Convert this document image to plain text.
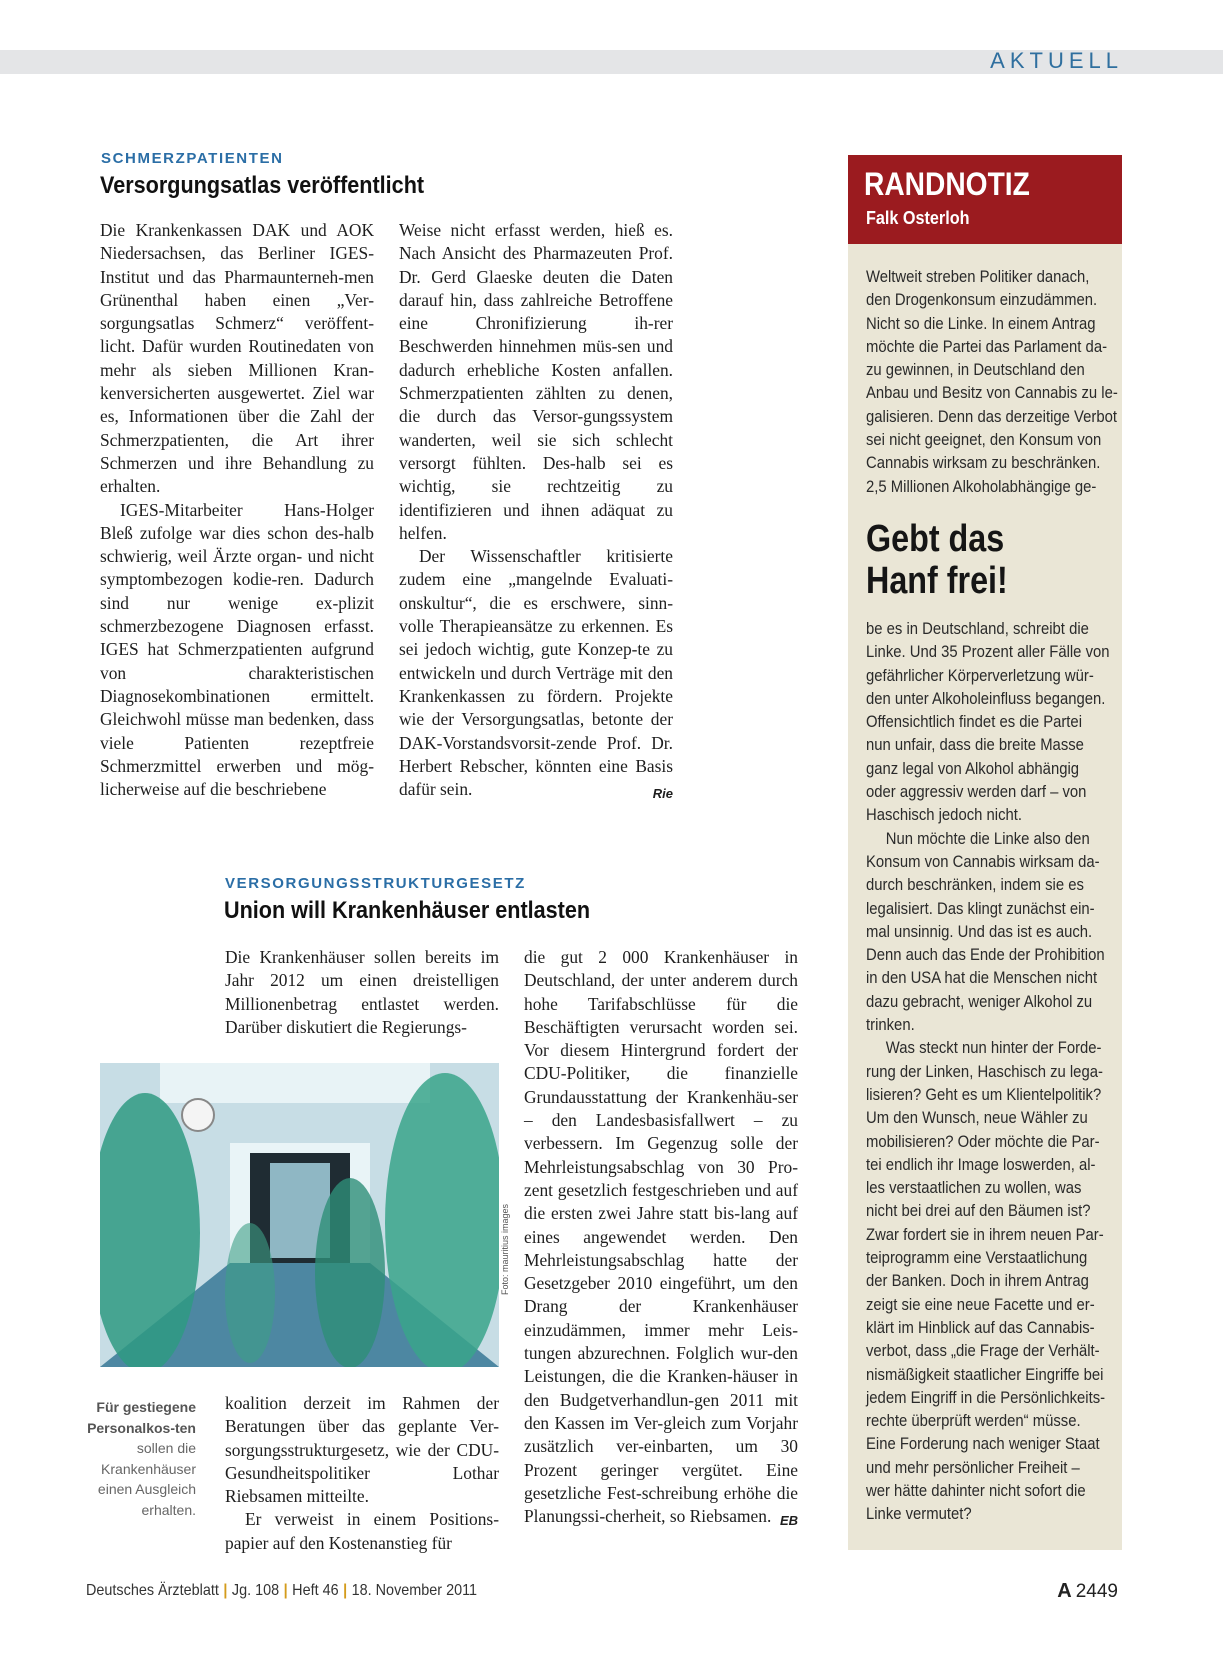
AKTUELL
SCHMERZPATIENTEN
Versorgungsatlas veröffentlicht

Die Krankenkassen DAK und AOK Niedersachsen, das Berliner IGES-Institut und das Pharmaunterneh-men Grünenthal haben einen „Ver-sorgungsatlas Schmerz“ veröffent-licht. Dafür wurden Routinedaten von mehr als sieben Millionen Kran-kenversicherten ausgewertet. Ziel war es, Informationen über die Zahl der Schmerzpatienten, die Art ihrer Schmerzen und ihre Behandlung zu erhalten.

IGES-Mitarbeiter Hans-Holger Bleß zufolge war dies schon des-halb schwierig, weil Ärzte organ- und nicht symptombezogen kodie-ren. Dadurch sind nur wenige ex-plizit schmerzbezogene Diagnosen erfasst. IGES hat Schmerzpatienten aufgrund von charakteristischen Diagnosekombinationen ermittelt. Gleichwohl müsse man bedenken, dass viele Patienten rezeptfreie Schmerzmittel erwerben und mög-licherweise auf die beschriebene

Weise nicht erfasst werden, hieß es. Nach Ansicht des Pharmazeuten Prof. Dr. Gerd Glaeske deuten die Daten darauf hin, dass zahlreiche Betroffene eine Chronifizierung ih-rer Beschwerden hinnehmen müs-sen und dadurch erhebliche Kosten anfallen. Schmerzpatienten zählten zu denen, die durch das Versor-gungssystem wanderten, weil sie sich schlecht versorgt fühlten. Des-halb sei es wichtig, sie rechtzeitig zu identifizieren und ihnen adäquat zu helfen.

Der Wissenschaftler kritisierte zudem eine „mangelnde Evaluati-onskultur“, die es erschwere, sinn-volle Therapieansätze zu erkennen. Es sei jedoch wichtig, gute Konzep-te zu entwickeln und durch Verträge mit den Krankenkassen zu fördern. Projekte wie der Versorgungsatlas, betonte der DAK-Vorstandsvorsit-zende Prof. Dr. Herbert Rebscher, könnten eine Basis dafür sein.	Rie

VERSORGUNGSSTRUKTURGESETZ
Union will Krankenhäuser entlasten

Die Krankenhäuser sollen bereits im Jahr 2012 um einen dreistelligen Millionenbetrag entlastet werden. Darüber diskutiert die Regierungs-

Foto: mauritius images
Für gestiegene Personalkos-ten sollen die Krankenhäuser einen Ausgleich erhalten.

koalition derzeit im Rahmen der Beratungen über das geplante Ver-sorgungsstrukturgesetz, wie der CDU-Gesundheitspolitiker Lothar Riebsamen mitteilte.

Er verweist in einem Positions-papier auf den Kostenanstieg für

die gut 2 000 Krankenhäuser in Deutschland, der unter anderem durch hohe Tarifabschlüsse für die Beschäftigten verursacht worden sei. Vor diesem Hintergrund fordert der CDU-Politiker, die finanzielle Grundausstattung der Krankenhäu-ser – den Landesbasisfallwert – zu verbessern. Im Gegenzug solle der Mehrleistungsabschlag von 30 Pro-zent gesetzlich festgeschrieben und auf die ersten zwei Jahre statt bis-lang auf eines angewendet werden. Den Mehrleistungsabschlag hatte der Gesetzgeber 2010 eingeführt, um den Drang der Krankenhäuser einzudämmen, immer mehr Leis-tungen abzurechnen. Folglich wur-den Leistungen, die die Kranken-häuser in den Budgetverhandlun-gen 2011 mit den Kassen im Ver-gleich zum Vorjahr zusätzlich ver-einbarten, um 30 Prozent geringer vergütet. Eine gesetzliche Fest-schreibung erhöhe die Planungssi-cherheit, so Riebsamen. EB

RANDNOTIZ
Falk Osterloh
Weltweit streben Politiker danach,
den Drogenkonsum einzudämmen.
Nicht so die Linke. In einem Antrag
möchte die Partei das Parlament da-
zu gewinnen, in Deutschland den
Anbau und Besitz von Cannabis zu le-
galisieren. Denn das derzeitige Verbot
sei nicht geeignet, den Konsum von
Cannabis wirksam zu beschränken.
2,5 Millionen Alkoholabhängige ge-
Gebt das
Hanf frei!

be es in Deutschland, schreibt die
Linke. Und 35 Prozent aller Fälle von
gefährlicher Körperverletzung wür-
den unter Alkoholeinfluss begangen.
Offensichtlich findet es die Partei
nun unfair, dass die breite Masse
ganz legal von Alkohol abhängig
oder aggressiv werden darf – von
Haschisch jedoch nicht.

Nun möchte die Linke also den
Konsum von Cannabis wirksam da-
durch beschränken, indem sie es
legalisiert. Das klingt zunächst ein-
mal unsinnig. Und das ist es auch.
Denn auch das Ende der Prohibition
in den USA hat die Menschen nicht
dazu gebracht, weniger Alkohol zu
trinken.

Was steckt nun hinter der Forde-
rung der Linken, Haschisch zu lega-
lisieren? Geht es um Klientelpolitik?
Um den Wunsch, neue Wähler zu
mobilisieren? Oder möchte die Par-
tei endlich ihr Image loswerden, al-
les verstaatlichen zu wollen, was
nicht bei drei auf den Bäumen ist?
Zwar fordert sie in ihrem neuen Par-
teiprogramm eine Verstaatlichung
der Banken. Doch in ihrem Antrag
zeigt sie eine neue Facette und er-
klärt im Hinblick auf das Cannabis-
verbot, dass „die Frage der Verhält-
nismäßigkeit staatlicher Eingriffe bei
jedem Eingriff in die Persönlichkeits-
rechte überprüft werden“ müsse.
Eine Forderung nach weniger Staat
und mehr persönlicher Freiheit –
wer hätte dahinter nicht sofort die
Linke vermutet?

Deutsches Ärzteblatt | Jg. 108 | Heft 46 | 18. November 2011	A 2449
